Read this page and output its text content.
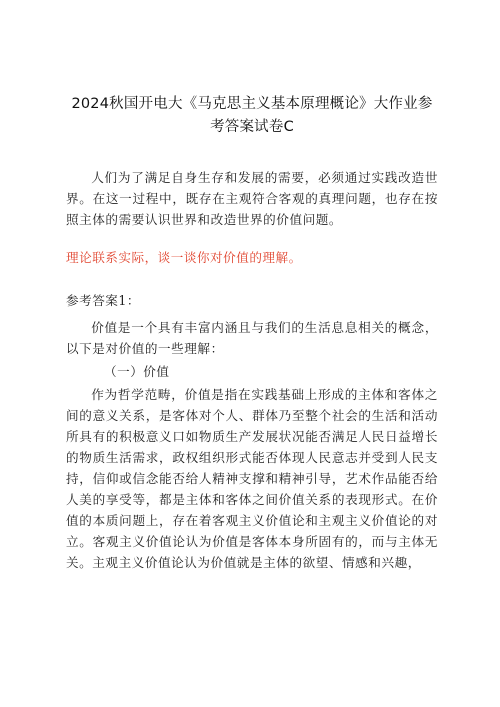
2024秋国开电大《马克思主义基本原理概论》大作业参
考答案试卷C

人们为了满足自身生存和发展的需要，必须通过实践改造世界。在这一过程中，既存在主观符合客观的真理问题，也存在按照主体的需要认识世界和改造世界的价值问题。

理论联系实际，谈一谈你对价值的理解。

参考答案1：

价值是一个具有丰富内涵且与我们的生活息息相关的概念，以下是对价值的一些理解：

（一）价值

作为哲学范畴，价值是指在实践基础上形成的主体和客体之间的意义关系，是客体对个人、群体乃至整个社会的生活和活动所具有的积极意义口如物质生产发展状况能否满足人民日益增长的物质生活需求，政权组织形式能否体现人民意志并受到人民支持，信仰或信念能否给人精神支撑和精神引导，艺术作品能否给人美的享受等，都是主体和客体之间价值关系的表现形式。在价值的本质问题上，存在着客观主义价值论和主观主义价值论的对立。客观主义价值论认为价值是客体本身所固有的，而与主体无关。主观主义价值论认为价值就是主体的欲望、情感和兴趣，
